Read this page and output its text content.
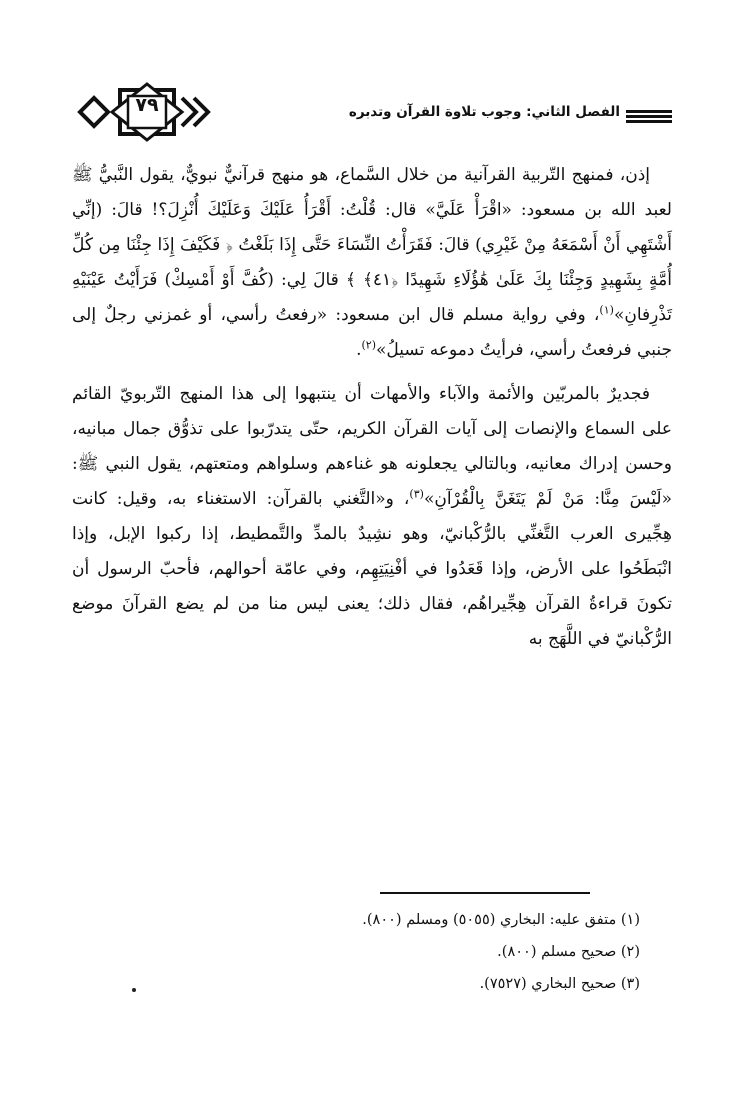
٧٩	الفصل الثاني: وجوب تلاوة القرآن وتدبره

إذن، فمنهج التّربية القرآنية من خلال السَّماع، هو منهج قرآنيٌّ نبويٌّ، يقول النَّبيُّ ﷺ لعبد الله بن مسعود: «اقْرَأْ عَلَيَّ» قال: قُلْتُ: أَقْرَأُ عَلَيْكَ وَعَلَيْكَ أُنْزِلَ؟! قالَ: (إنِّي أَشْتَهِي أَنْ أَسْمَعَهُ مِنْ غَيْرِي) قالَ: فَقَرَأْتُ النِّسَاءَ حَتَّى إِذَا بَلَغْتُ ﴿ فَكَيْفَ إِذَا جِئْنَا مِن كُلِّ أُمَّةٍ بِشَهِيدٍ وَجِئْنَا بِكَ عَلَىٰ هَٰؤُلَاءِ شَهِيدًا ﴿٤١﴾ ﴾ قالَ لِي: (كُفَّ أَوْ أَمْسِكْ) فَرَأَيْتُ عَيْنَيْهِ تَذْرِفانِ»$^{(١)}$، وفي رواية مسلم قال ابن مسعود: «رفعتُ رأسي، أو غمزني رجلٌ إلى جنبي فرفعتُ رأسي، فرأيتُ دموعه تسيلُ»$^{(٢)}$.

فجديرٌ بالمربّين والأئمة والآباء والأمهات أن ينتبهوا إلى هذا المنهج التّربويّ القائم على السماع والإنصات إلى آيات القرآن الكريم، حتّى يتدرّبوا على تذوُّق جمال مبانيه، وحسن إدراك معانيه، وبالتالي يجعلونه هو غناءهم وسلواهم ومتعتهم، يقول النبي ﷺ: «لَيْسَ مِنَّا: مَنْ لَمْ يَتَغَنَّ بِالْقُرْآنِ»$^{(٣)}$، و«التَّغني بالقرآن: الاستغناء به، وقيل: كانت هِجِّيرى العرب التَّغنِّي بالرُّكْبانيّ، وهو نشِيدٌ بالمدِّ والتَّمطيط، إذا ركبوا الإبل، وإذا انْبَطَحُوا على الأرض، وإذا قَعَدُوا في أفْنِيَتِهِم، وفي عامّة أحوالهم، فأحبّ الرسول أن تكونَ قراءةُ القرآن هِجِّيراهُم، فقال ذلك؛ يعنى ليس منا من لم يضع القرآنَ موضع الرُّكْبانيّ في اللَّهَج به

(١) متفق عليه: البخاري (٥٠٥٥) ومسلم (٨٠٠).

(٢) صحيح مسلم (٨٠٠).

(٣) صحيح البخاري (٧٥٢٧).
